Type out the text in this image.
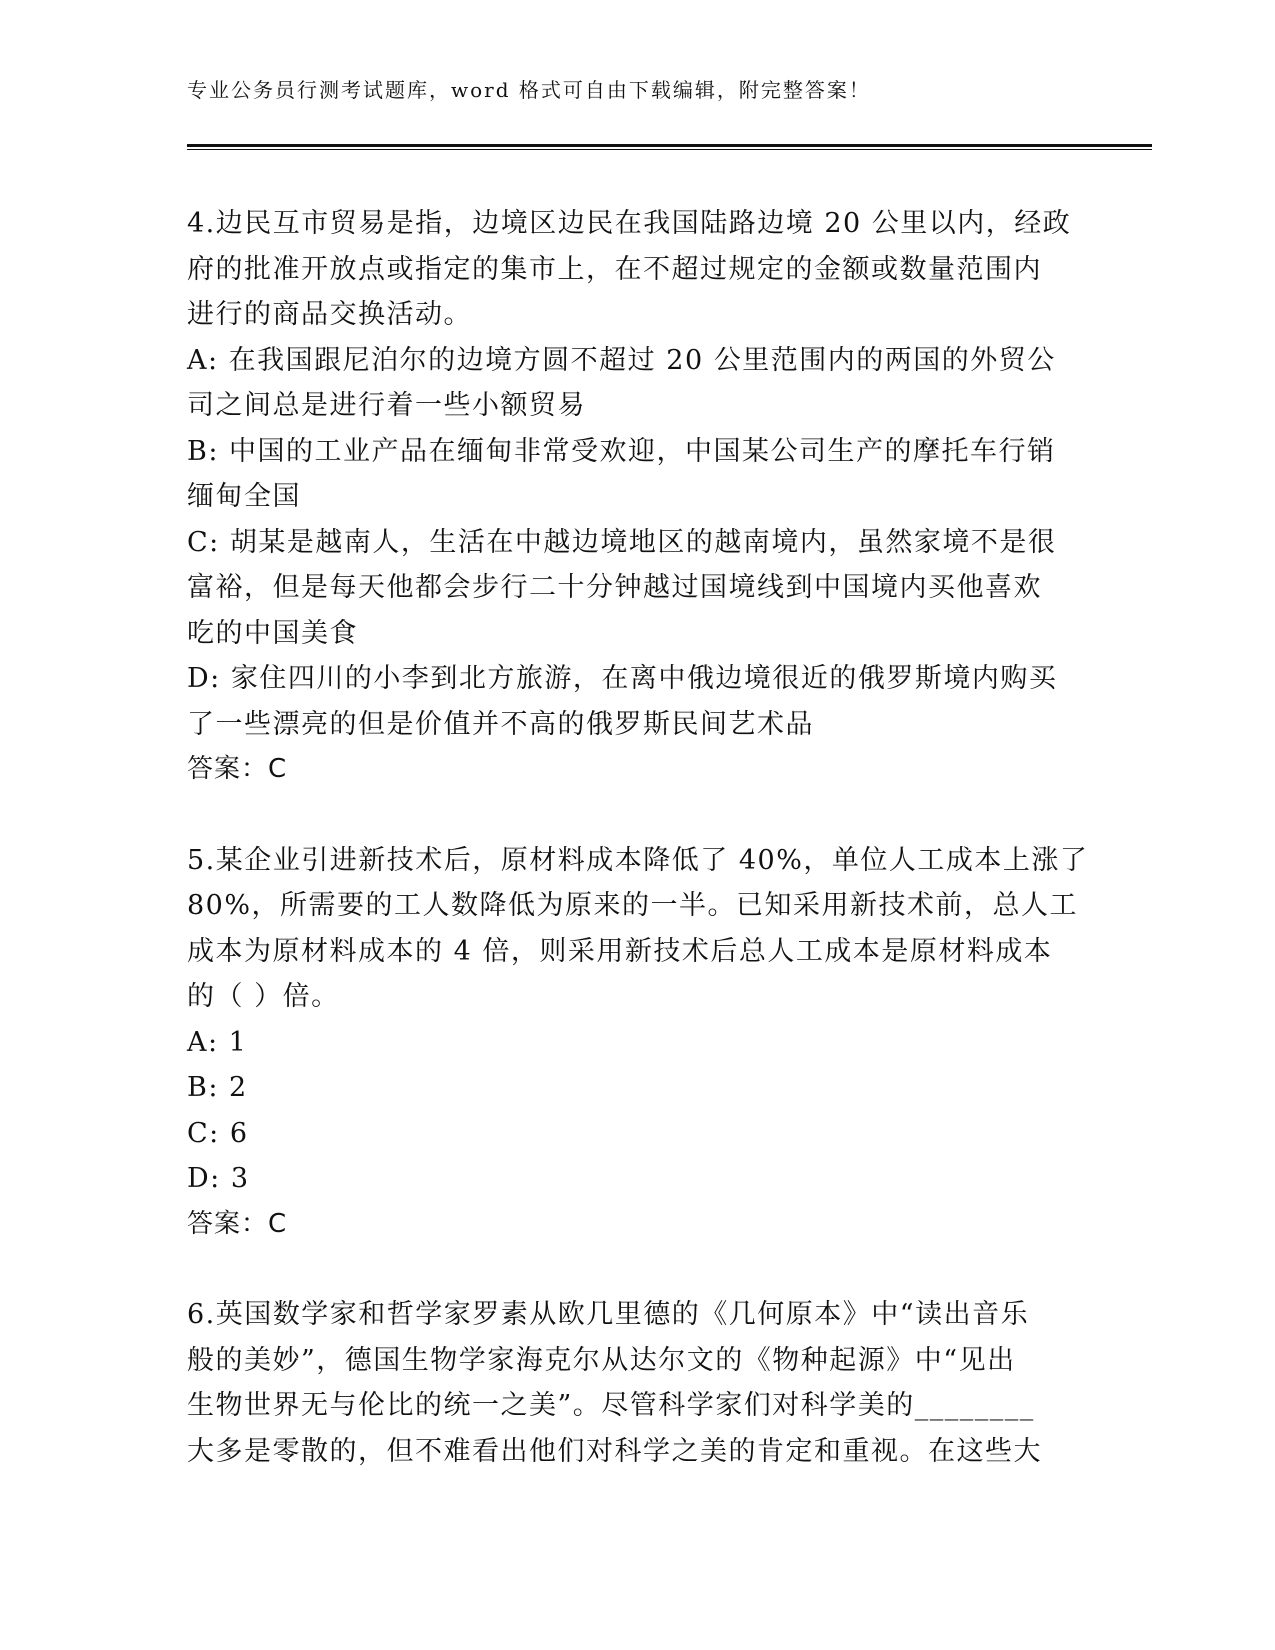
专业公务员行测考试题库，word 格式可自由下载编辑，附完整答案！
4.边民互市贸易是指，边境区边民在我国陆路边境 20 公里以内，经政
府的批准开放点或指定的集市上，在不超过规定的金额或数量范围内
进行的商品交换活动。
A: 在我国跟尼泊尔的边境方圆不超过 20 公里范围内的两国的外贸公
司之间总是进行着一些小额贸易
B: 中国的工业产品在缅甸非常受欢迎，中国某公司生产的摩托车行销
缅甸全国
C: 胡某是越南人，生活在中越边境地区的越南境内，虽然家境不是很
富裕，但是每天他都会步行二十分钟越过国境线到中国境内买他喜欢
吃的中国美食
D: 家住四川的小李到北方旅游，在离中俄边境很近的俄罗斯境内购买
了一些漂亮的但是价值并不高的俄罗斯民间艺术品
答案：C
5.某企业引进新技术后，原材料成本降低了 40%，单位人工成本上涨了
80%，所需要的工人数降低为原来的一半。已知采用新技术前，总人工
成本为原材料成本的 4 倍，则采用新技术后总人工成本是原材料成本
的（ ）倍。
A: 1
B: 2
C: 6
D: 3
答案：C
6.英国数学家和哲学家罗素从欧几里德的《几何原本》中“读出音乐
般的美妙”，德国生物学家海克尔从达尔文的《物种起源》中“见出
生物世界无与伦比的统一之美”。尽管科学家们对科学美的________
大多是零散的，但不难看出他们对科学之美的肯定和重视。在这些大
